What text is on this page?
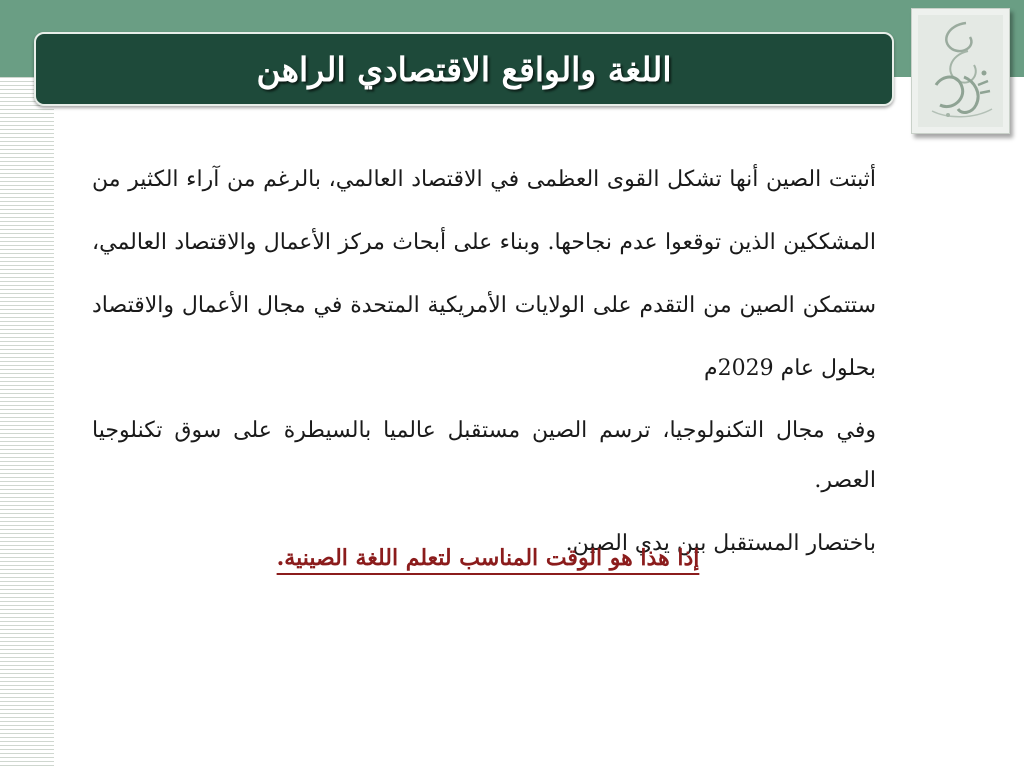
اللغة والواقع الاقتصادي الراهن

أثبتت الصين أنها تشكل القوى العظمى في الاقتصاد العالمي، بالرغم من آراء الكثير من المشككين الذين توقعوا عدم نجاحها. وبناء على أبحاث مركز الأعمال والاقتصاد العالمي، ستتمكن الصين من التقدم على الولايات الأمريكية المتحدة في مجال الأعمال والاقتصاد بحلول عام 2029م

وفي مجال التكنولوجيا، ترسم الصين مستقبل عالميا بالسيطرة على سوق تكنلوجيا العصر.

باختصار المستقبل بين يدي الصين.

إذا هذا هو الوقت المناسب لتعلم اللغة الصينية.
